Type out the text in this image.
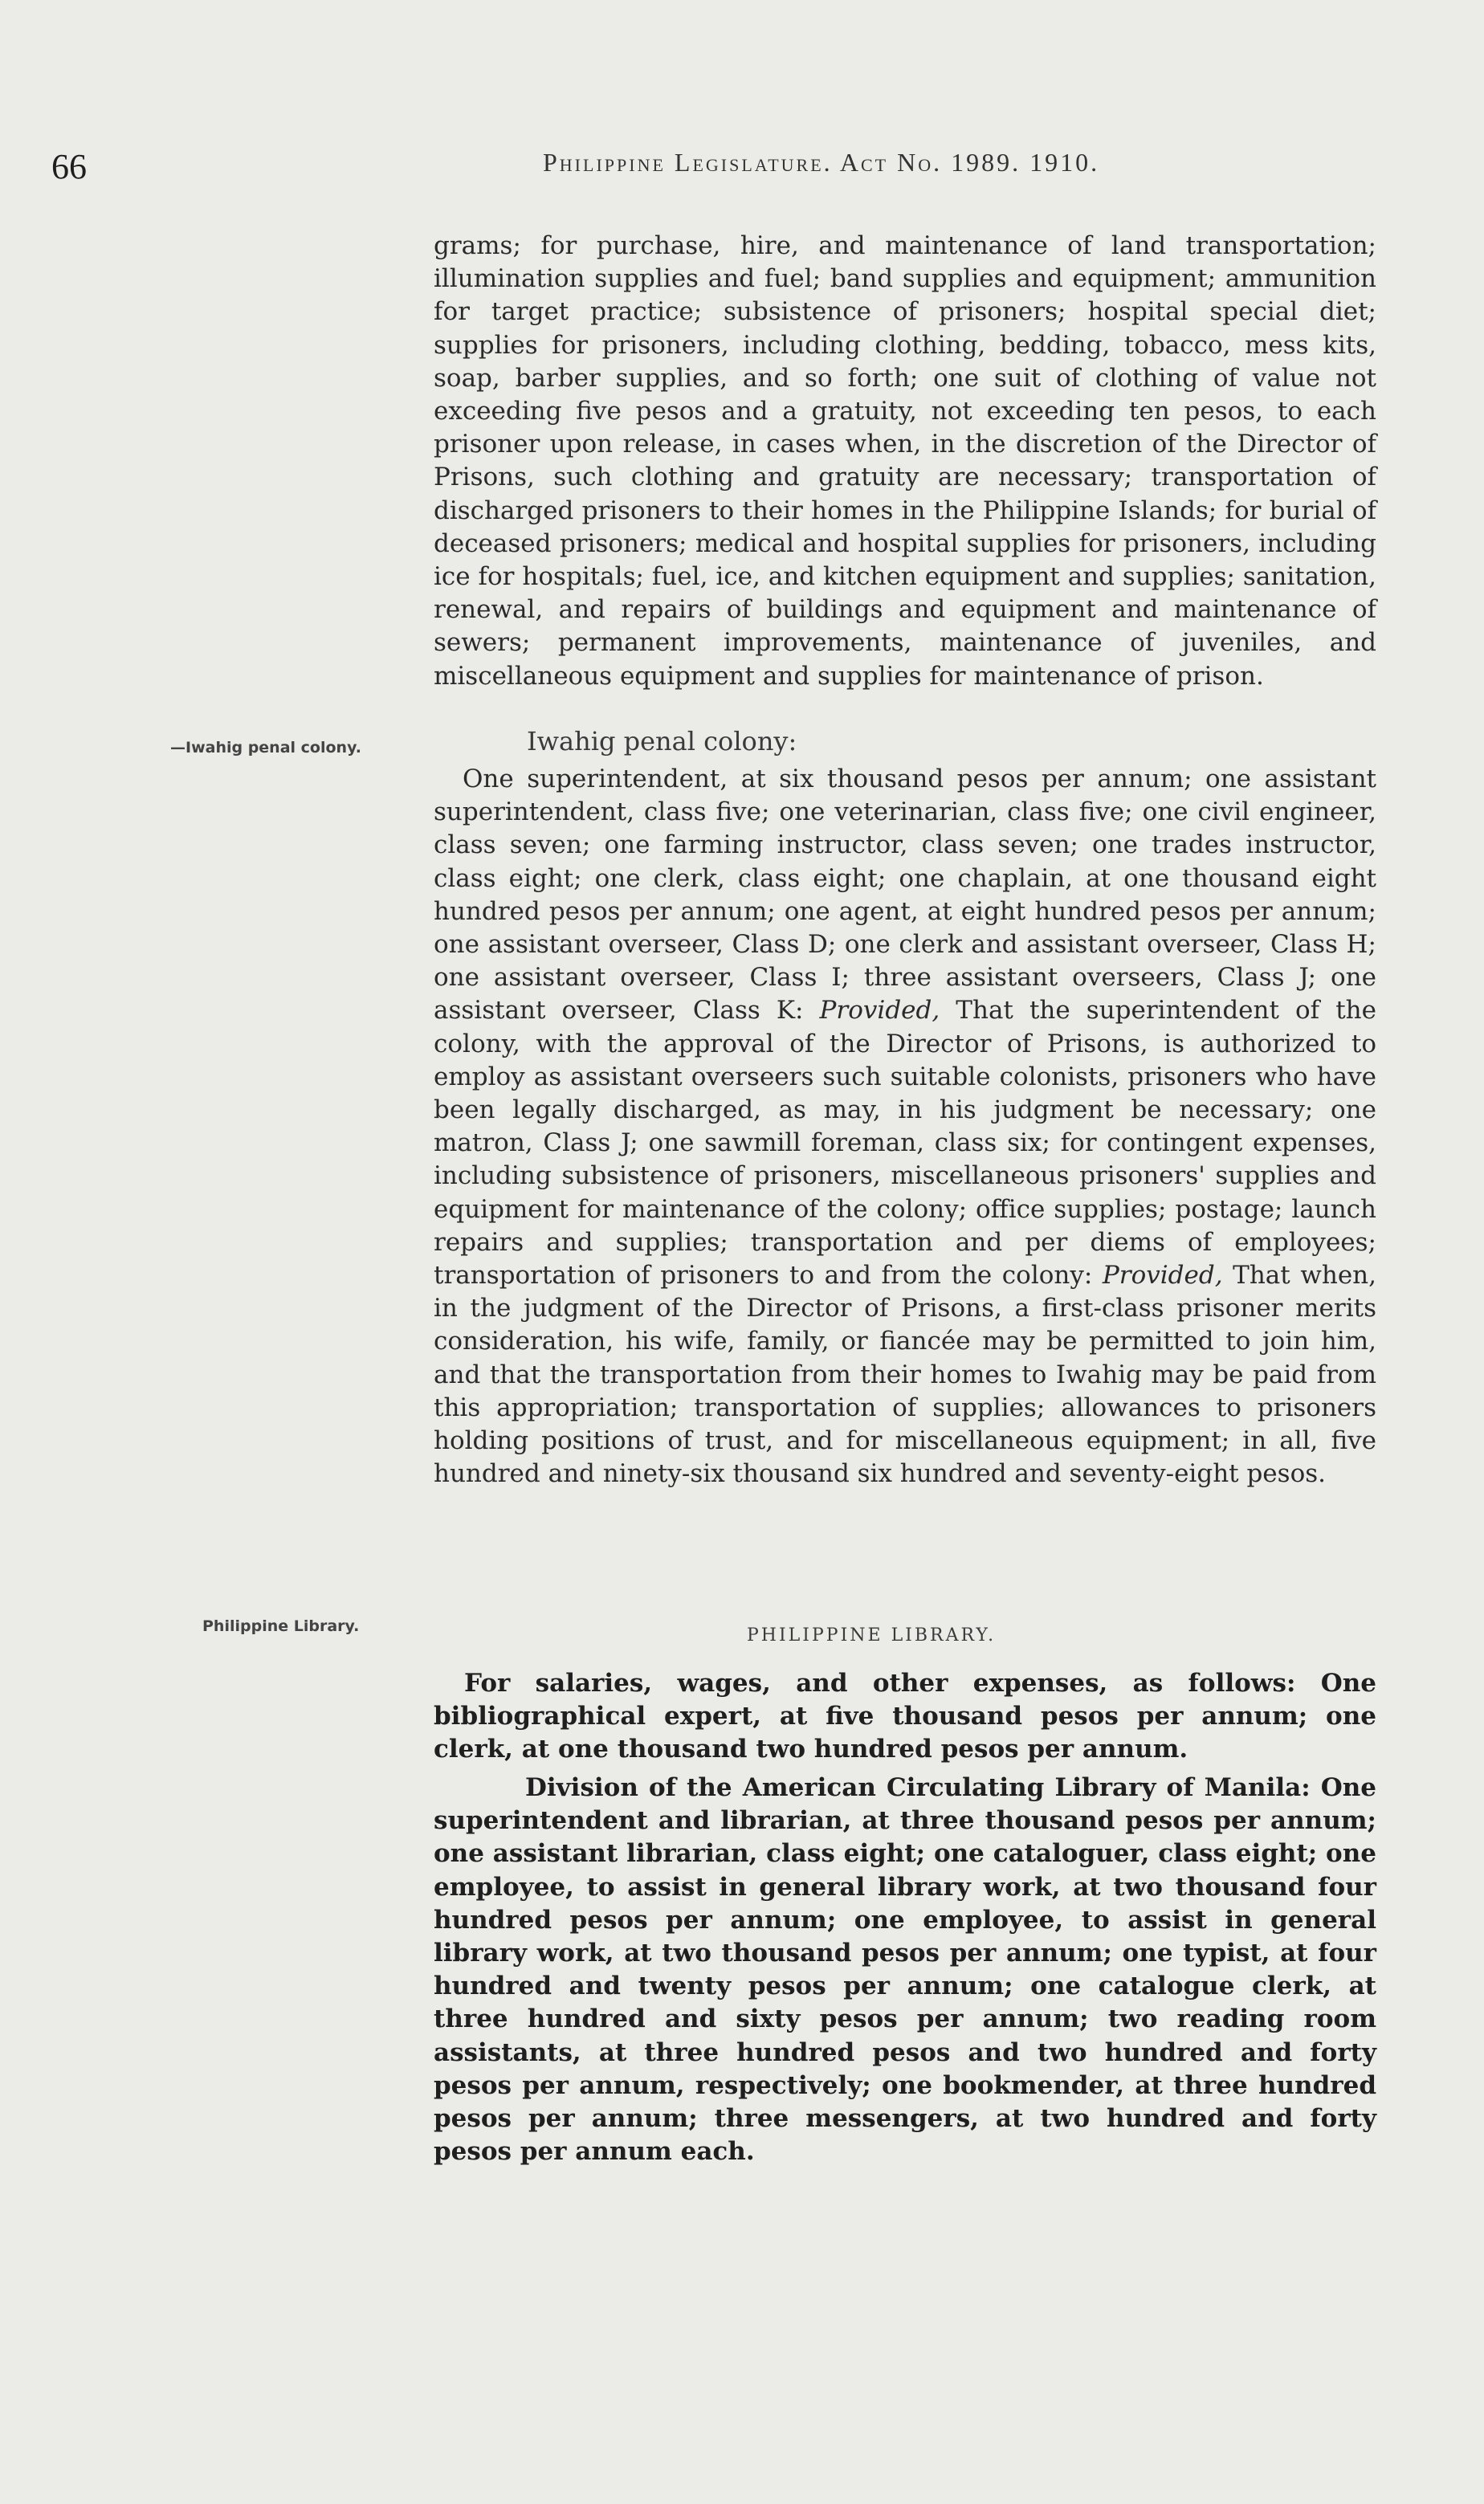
66	Philippine Legislature. Act No. 1989. 1910.
grams; for purchase, hire, and maintenance of land transportation; illumination supplies and fuel; band supplies and equipment; ammunition for target practice; subsistence of prisoners; hospital special diet; supplies for prisoners, including clothing, bedding, tobacco, mess kits, soap, barber supplies, and so forth; one suit of clothing of value not exceeding five pesos and a gratuity, not exceeding ten pesos, to each prisoner upon release, in cases when, in the discretion of the Director of Prisons, such clothing and gratuity are necessary; transportation of discharged prisoners to their homes in the Philippine Islands; for burial of deceased prisoners; medical and hospital supplies for prisoners, including ice for hospitals; fuel, ice, and kitchen equipment and supplies; sanitation, renewal, and repairs of buildings and equipment and maintenance of sewers; permanent improvements, maintenance of juveniles, and miscellaneous equipment and supplies for maintenance of prison.
—Iwahig penal colony.	Iwahig penal colony:
One superintendent, at six thousand pesos per annum; one assistant superintendent, class five; one veterinarian, class five; one civil engineer, class seven; one farming instructor, class seven; one trades instructor, class eight; one clerk, class eight; one chaplain, at one thousand eight hundred pesos per annum; one agent, at eight hundred pesos per annum; one assistant overseer, Class D; one clerk and assistant overseer, Class H; one assistant overseer, Class I; three assistant overseers, Class J; one assistant overseer, Class K: Provided, That the superintendent of the colony, with the approval of the Director of Prisons, is authorized to employ as assistant overseers such suitable colonists, prisoners who have been legally discharged, as may, in his judgment be necessary; one matron, Class J; one sawmill foreman, class six; for contingent expenses, including subsistence of prisoners, miscellaneous prisoners' supplies and equipment for maintenance of the colony; office supplies; postage; launch repairs and supplies; transportation and per diems of employees; transportation of prisoners to and from the colony: Provided, That when, in the judgment of the Director of Prisons, a first-class prisoner merits consideration, his wife, family, or fiancée may be permitted to join him, and that the transportation from their homes to Iwahig may be paid from this appropriation; transportation of supplies; allowances to prisoners holding positions of trust, and for miscellaneous equipment; in all, five hundred and ninety-six thousand six hundred and seventy-eight pesos.
Philippine Library.	PHILIPPINE LIBRARY.
For salaries, wages, and other expenses, as follows: One bibliographical expert, at five thousand pesos per annum; one clerk, at one thousand two hundred pesos per annum.
Division of the American Circulating Library of Manila: One superintendent and librarian, at three thousand pesos per annum; one assistant librarian, class eight; one cataloguer, class eight; one employee, to assist in general library work, at two thousand four hundred pesos per annum; one employee, to assist in general library work, at two thousand pesos per annum; one typist, at four hundred and twenty pesos per annum; one catalogue clerk, at three hundred and sixty pesos per annum; two reading room assistants, at three hundred pesos and two hundred and forty pesos per annum, respectively; one bookmender, at three hundred pesos per annum; three messengers, at two hundred and forty pesos per annum each.
